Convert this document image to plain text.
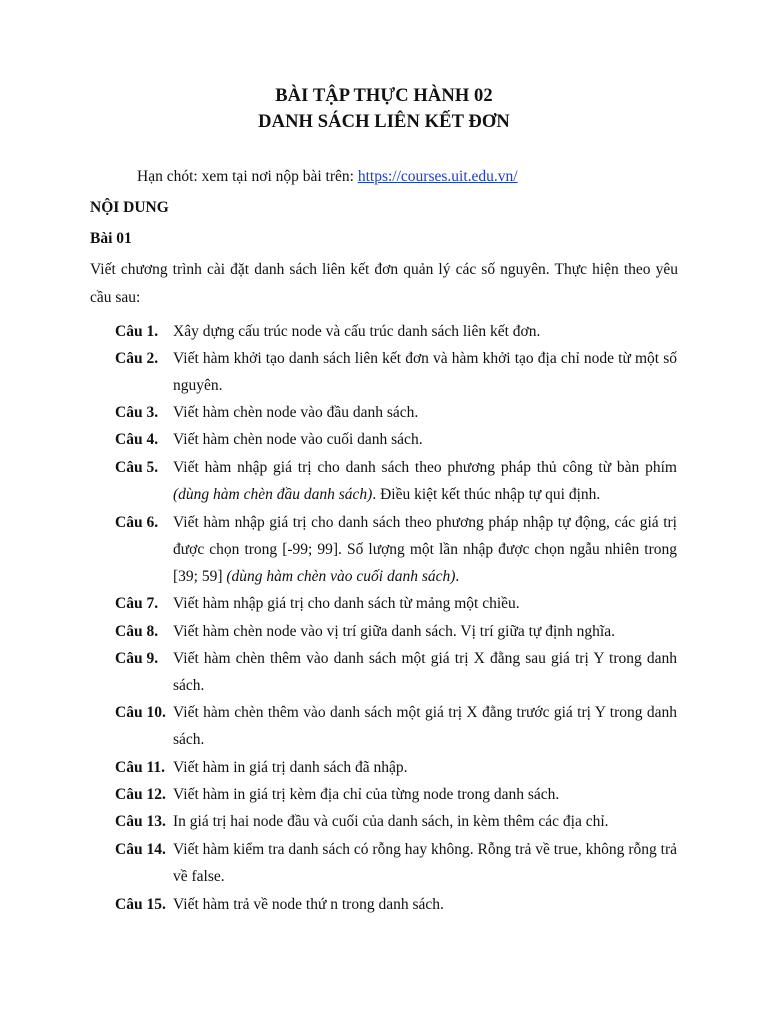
BÀI TẬP THỰC HÀNH 02
DANH SÁCH LIÊN KẾT ĐƠN
Hạn chót: xem tại nơi nộp bài trên: https://courses.uit.edu.vn/
NỘI DUNG
Bài 01
Viết chương trình cài đặt danh sách liên kết đơn quản lý các số nguyên. Thực hiện theo yêu cầu sau:
Câu 1. Xây dựng cấu trúc node và cấu trúc danh sách liên kết đơn.
Câu 2. Viết hàm khởi tạo danh sách liên kết đơn và hàm khởi tạo địa chỉ node từ một số nguyên.
Câu 3. Viết hàm chèn node vào đầu danh sách.
Câu 4. Viết hàm chèn node vào cuối danh sách.
Câu 5. Viết hàm nhập giá trị cho danh sách theo phương pháp thủ công từ bàn phím (dùng hàm chèn đầu danh sách). Điều kiệt kết thúc nhập tự qui định.
Câu 6. Viết hàm nhập giá trị cho danh sách theo phương pháp nhập tự động, các giá trị được chọn trong [-99; 99]. Số lượng một lần nhập được chọn ngẫu nhiên trong [39; 59] (dùng hàm chèn vào cuối danh sách).
Câu 7. Viết hàm nhập giá trị cho danh sách từ mảng một chiều.
Câu 8. Viết hàm chèn node vào vị trí giữa danh sách. Vị trí giữa tự định nghĩa.
Câu 9. Viết hàm chèn thêm vào danh sách một giá trị X đằng sau giá trị Y trong danh sách.
Câu 10. Viết hàm chèn thêm vào danh sách một giá trị X đằng trước giá trị Y trong danh sách.
Câu 11. Viết hàm in giá trị danh sách đã nhập.
Câu 12. Viết hàm in giá trị kèm địa chỉ của từng node trong danh sách.
Câu 13. In giá trị hai node đầu và cuối của danh sách, in kèm thêm các địa chỉ.
Câu 14. Viết hàm kiểm tra danh sách có rỗng hay không. Rỗng trả về true, không rỗng trả về false.
Câu 15. Viết hàm trả về node thứ n trong danh sách.
